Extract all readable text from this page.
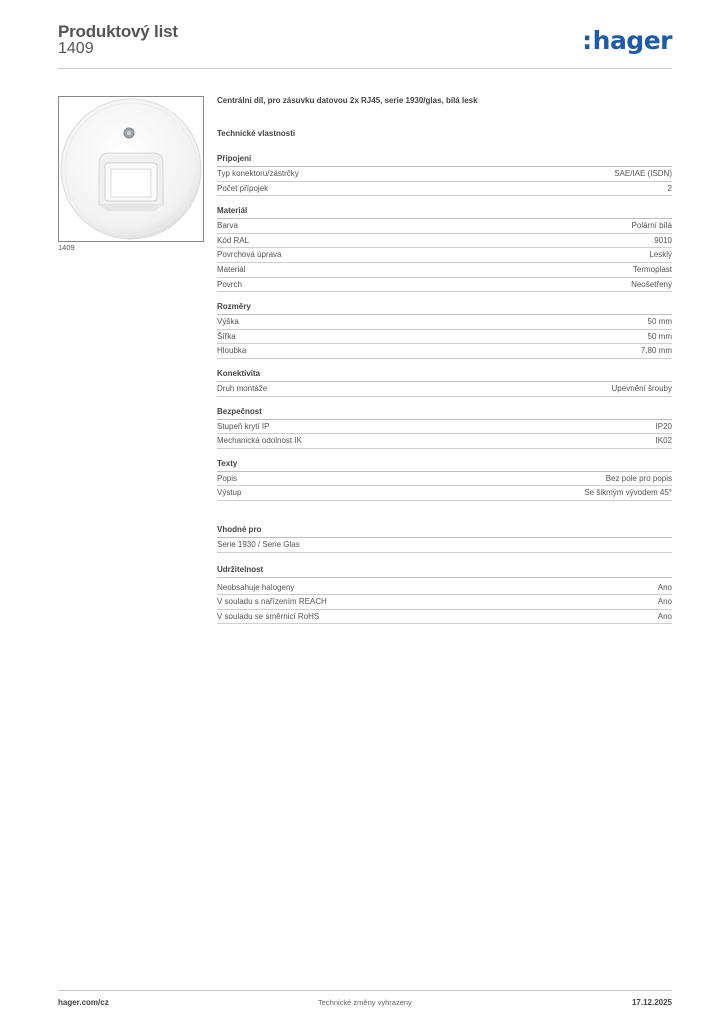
Produktový list
1409	:hager
1409
Centrální díl, pro zásuvku datovou 2x RJ45, serie 1930/glas, bílá lesk
Technické vlastnosti
Připojení
Typ konektoru/zástrčky	SAE/IAE (ISDN)
Počet přípojek	2
Materiál
Barva	Polární bílá
Kód RAL	9010
Povrchová úprava	Lesklý
Materiál	Termoplast
Povrch	Neošetřený
Rozměry
Výška	50 mm
Šířka	50 mm
Hloubka	7,80 mm
Konektivita
Druh montáže	Upevnění šrouby
Bezpečnost
Stupeň krytí IP	IP20
Mechanická odolnost IK	IK02
Texty
Popis	Bez pole pro popis
Výstup	Se šikmým vývodem 45°
Vhodné pro
Serie 1930 / Serie Glas
Udržitelnost
Neobsahuje halogeny	Ano
V souladu s nařízením REACH	Ano
V souladu se směrnicí RoHS	Ano
hager.com/cz	Technické změny vyhrazeny	17.12.2025
